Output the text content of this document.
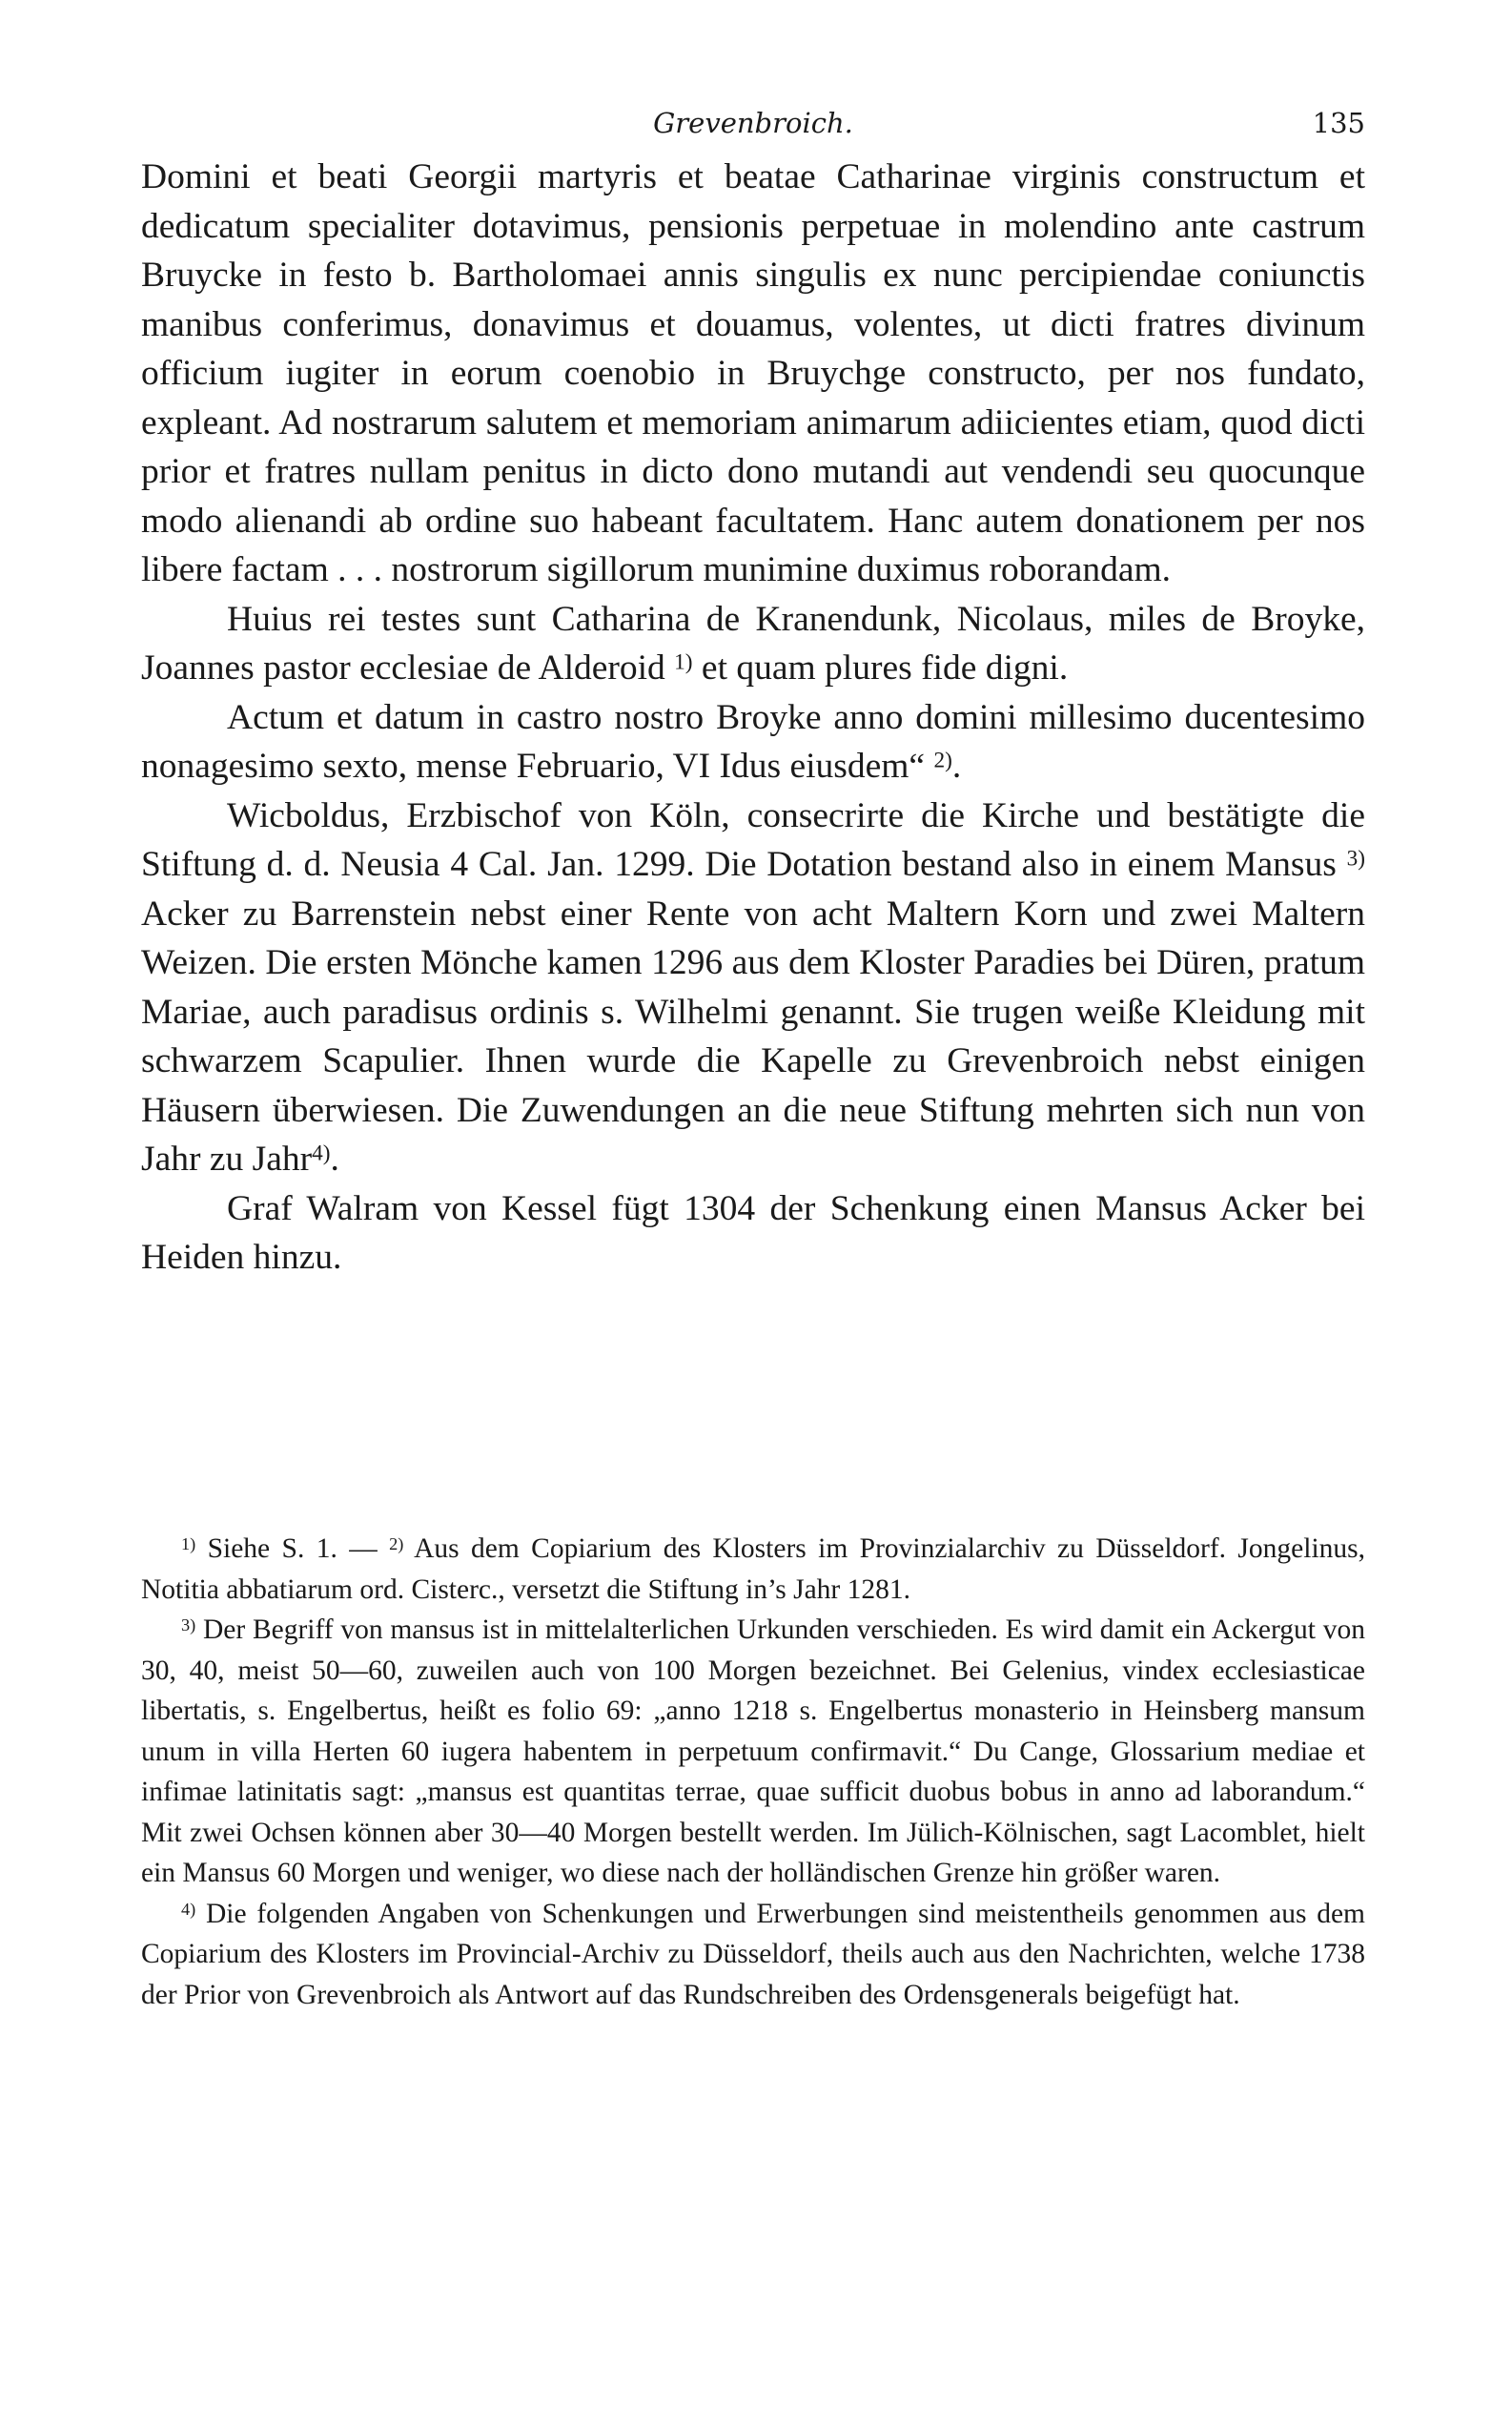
Grevenbroich.	135

Domini et beati Georgii martyris et beatae Catharinae virginis constructum et dedicatum specialiter dotavimus, pensionis perpetuae in molendino ante castrum Bruycke in festo b. Bartholomaei annis singulis ex nunc percipiendae coniunctis manibus conferimus, donavimus et douamus, volentes, ut dicti fratres divinum officium iugiter in eorum coenobio in Bruychge constructo, per nos fundato, expleant. Ad nostrarum salutem et memoriam animarum adiicientes etiam, quod dicti prior et fratres nullam penitus in dicto dono mutandi aut vendendi seu quocunque modo alienandi ab ordine suo habeant facultatem. Hanc autem donationem per nos libere factam . . . nostrorum sigillorum munimine duximus roborandam.

Huius rei testes sunt Catharina de Kranendunk, Nicolaus, miles de Broyke, Joannes pastor ecclesiae de Alderoid $^{1)}$ et quam plures fide digni.

Actum et datum in castro nostro Broyke anno domini millesimo ducentesimo nonagesimo sexto, mense Februario, VI Idus eiusdem“ $^{2)}$.

Wicboldus, Erzbischof von Köln, consecrirte die Kirche und bestätigte die Stiftung d. d. Neusia 4 Cal. Jan. 1299. Die Dotation bestand also in einem Mansus $^{3)}$ Acker zu Barrenstein nebst einer Rente von acht Maltern Korn und zwei Maltern Weizen. Die ersten Mönche kamen 1296 aus dem Kloster Paradies bei Düren, pratum Mariae, auch paradisus ordinis s. Wilhelmi genannt. Sie trugen weiße Kleidung mit schwarzem Scapulier. Ihnen wurde die Kapelle zu Grevenbroich nebst einigen Häusern überwiesen. Die Zuwendungen an die neue Stiftung mehrten sich nun von Jahr zu Jahr$^{4)}$.

Graf Walram von Kessel fügt 1304 der Schenkung einen Mansus Acker bei Heiden hinzu.

$^{1)}$ Siehe S. 1. — $^{2)}$ Aus dem Copiarium des Klosters im Provinzialarchiv zu Düsseldorf. Jongelinus, Notitia abbatiarum ord. Cisterc., versetzt die Stiftung in’s Jahr 1281.

$^{3)}$ Der Begriff von mansus ist in mittelalterlichen Urkunden verschieden. Es wird damit ein Ackergut von 30, 40, meist 50—60, zuweilen auch von 100 Morgen bezeichnet. Bei Gelenius, vindex ecclesiasticae libertatis, s. Engelbertus, heißt es folio 69: „anno 1218 s. Engelbertus monasterio in Heinsberg mansum unum in villa Herten 60 iugera habentem in perpetuum confirmavit.“ Du Cange, Glossarium mediae et infimae latinitatis sagt: „mansus est quantitas terrae, quae sufficit duobus bobus in anno ad laborandum.“ Mit zwei Ochsen können aber 30—40 Morgen bestellt werden. Im Jülich-Kölnischen, sagt Lacomblet, hielt ein Mansus 60 Morgen und weniger, wo diese nach der holländischen Grenze hin größer waren.

$^{4)}$ Die folgenden Angaben von Schenkungen und Erwerbungen sind meistentheils genommen aus dem Copiarium des Klosters im Provincial-Archiv zu Düsseldorf, theils auch aus den Nachrichten, welche 1738 der Prior von Grevenbroich als Antwort auf das Rundschreiben des Ordensgenerals beigefügt hat.
